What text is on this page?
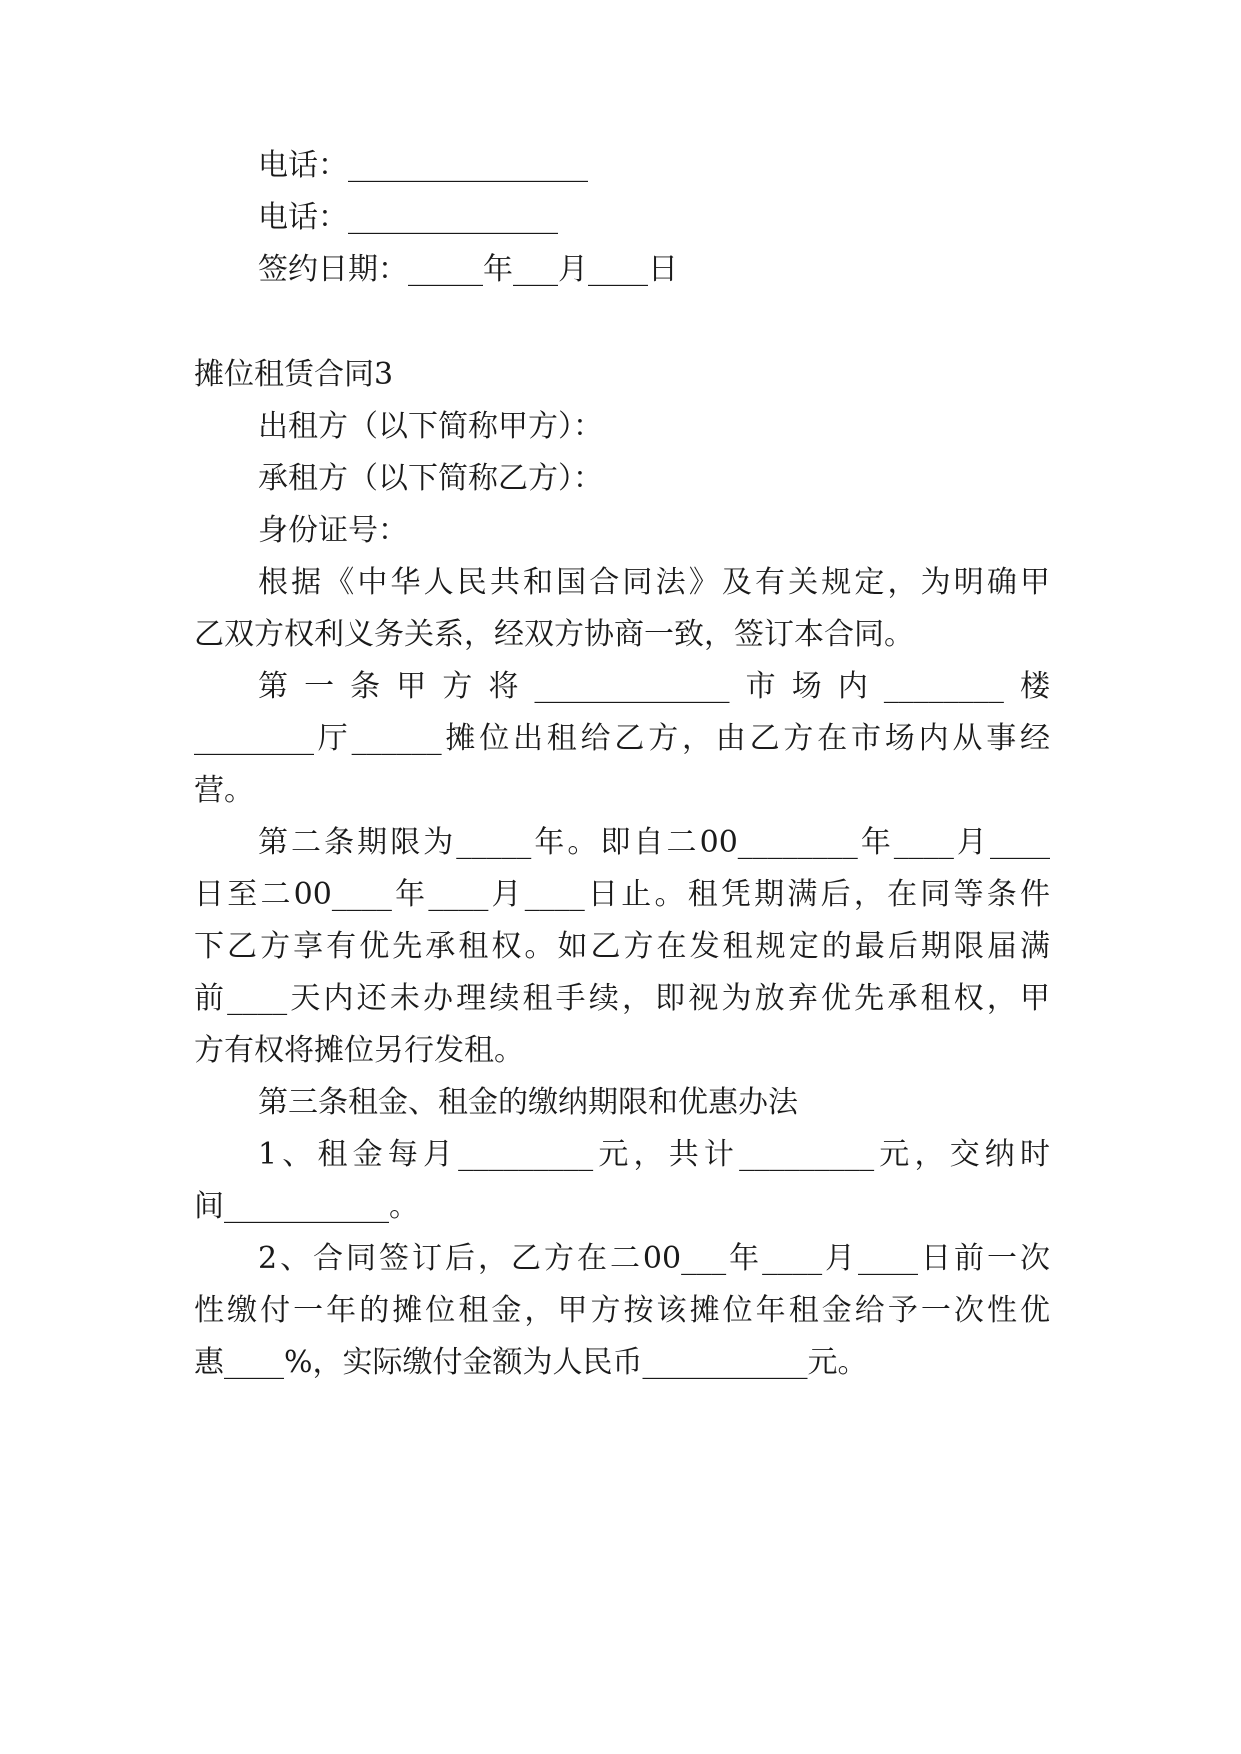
电话：________________
电话：______________
签约日期：_____年___月____日
摊位租赁合同3
出租方（以下简称甲方）：
承租方（以下简称乙方）：
身份证号：
根据《中华人民共和国合同法》及有关规定，为明确甲
乙双方权利义务关系，经双方协商一致，签订本合同。
第一条甲方将_____________市场内________楼
________厅______摊位出租给乙方，由乙方在市场内从事经
营。
第二条期限为_____年。即自二00________年____月____
日至二00____年____月____日止。租凭期满后，在同等条件
下乙方享有优先承租权。如乙方在发租规定的最后期限届满
前____天内还未办理续租手续，即视为放弃优先承租权，甲
方有权将摊位另行发租。
第三条租金、租金的缴纳期限和优惠办法
1、租金每月_________元，共计_________元，交纳时
间___________。
2、合同签订后，乙方在二00___年____月____日前一次
性缴付一年的摊位租金，甲方按该摊位年租金给予一次性优
惠____%，实际缴付金额为人民币___________元。
